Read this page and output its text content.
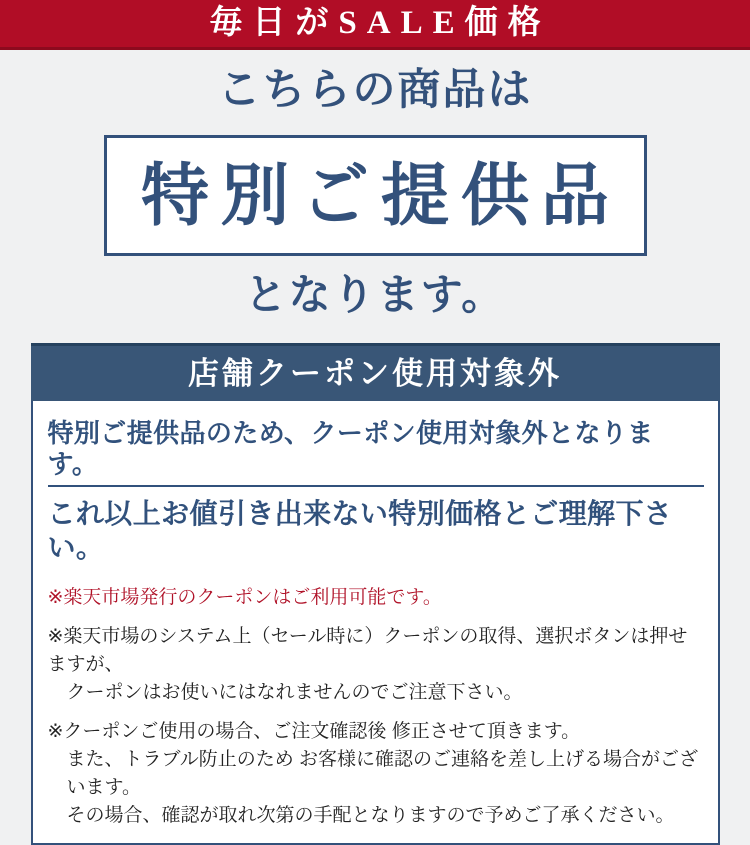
毎日がSALE価格
こちらの商品は
特別ご提供品
となります。
店舗クーポン使用対象外
特別ご提供品のため、クーポン使用対象外となります。
これ以上お値引き出来ない特別価格とご理解下さい。
※楽天市場発行のクーポンはご利用可能です。
※楽天市場のシステム上（セール時に）クーポンの取得、選択ボタンは押せますが、
クーポンはお使いにはなれませんのでご注意下さい。
※クーポンご使用の場合、ご注文確認後 修正させて頂きます。
また、トラブル防止のため お客様に確認のご連絡を差し上げる場合がございます。
その場合、確認が取れ次第の手配となりますので予めご了承ください。
